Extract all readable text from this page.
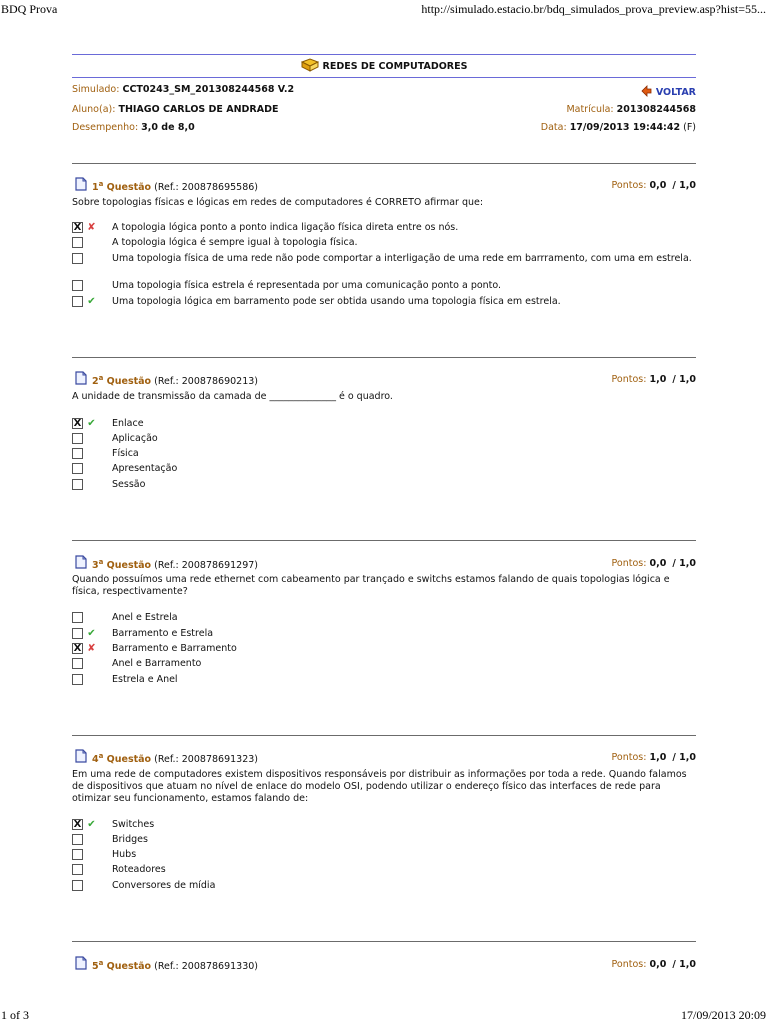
BDQ Prova	http://simulado.estacio.br/bdq_simulados_prova_preview.asp?hist=55...
REDES DE COMPUTADORES
Simulado: CCT0243_SM_201308244568 V.2	VOLTAR
Aluno(a): THIAGO CARLOS DE ANDRADE	Matrícula: 201308244568
Desempenho: 3,0 de 8,0	Data: 17/09/2013 19:44:42 (F)
1$^a$ Questão (Ref.: 200878695586)	Pontos: 0,0 / 1,0
Sobre topologias físicas e lógicas em redes de computadores é CORRETO afirmar que:
X ✘ A topologia lógica ponto a ponto indica ligação física direta entre os nós.
A topologia lógica é sempre igual à topologia física.
Uma topologia física de uma rede não pode comportar a interligação de uma rede em barrramento, com uma em estrela.
Uma topologia física estrela é representada por uma comunicação ponto a ponto.
✔ Uma topologia lógica em barramento pode ser obtida usando uma topologia física em estrela.
2$^a$ Questão (Ref.: 200878690213)	Pontos: 1,0 / 1,0
A unidade de transmissão da camada de ______________ é o quadro.
X ✔ Enlace
Aplicação
Física
Apresentação
Sessão
3$^a$ Questão (Ref.: 200878691297)	Pontos: 0,0 / 1,0
Quando possuímos uma rede ethernet com cabeamento par trançado e switchs estamos falando de quais topologias lógica e física, respectivamente?
Anel e Estrela
✔ Barramento e Estrela
X ✘ Barramento e Barramento
Anel e Barramento
Estrela e Anel
4$^a$ Questão (Ref.: 200878691323)	Pontos: 1,0 / 1,0
Em uma rede de computadores existem dispositivos responsáveis por distribuir as informações por toda a rede. Quando falamos de dispositivos que atuam no nível de enlace do modelo OSI, podendo utilizar o endereço físico das interfaces de rede para otimizar seu funcionamento, estamos falando de:
X ✔ Switches
Bridges
Hubs
Roteadores
Conversores de mídia
5$^a$ Questão (Ref.: 200878691330)	Pontos: 0,0 / 1,0
1 of 3	17/09/2013 20:09
